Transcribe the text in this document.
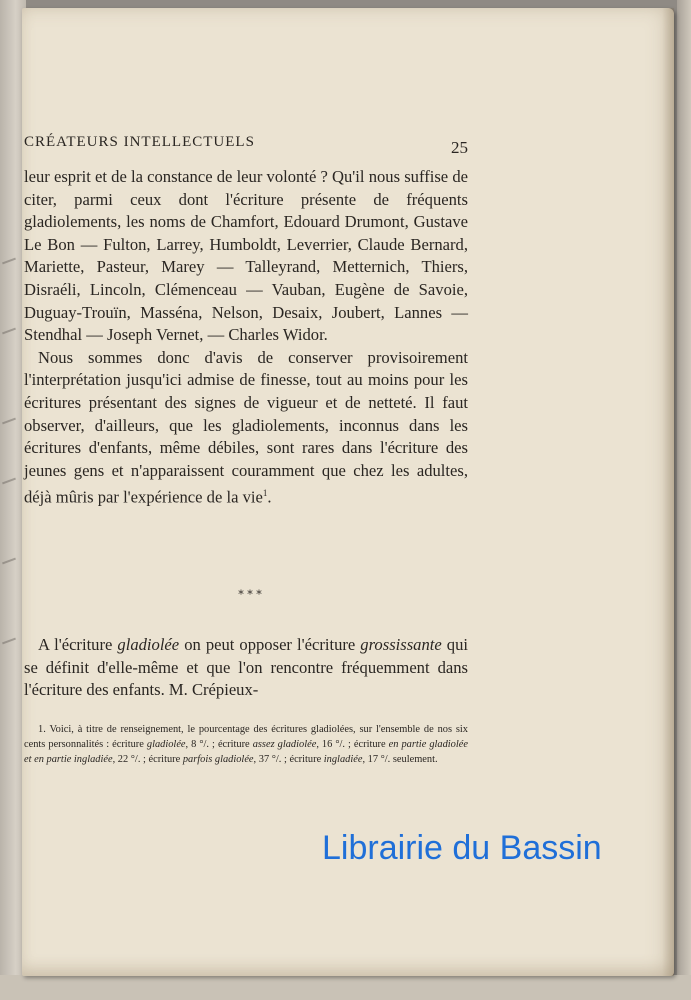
CRÉATEURS INTELLECTUELS	25

leur esprit et de la constance de leur volonté ? Qu'il nous suffise de citer, parmi ceux dont l'écriture présente de fréquents gladiolements, les noms de Chamfort, Edouard Drumont, Gustave Le Bon — Fulton, Larrey, Humboldt, Leverrier, Claude Bernard, Mariette, Pasteur, Marey — Talleyrand, Metternich, Thiers, Disraéli, Lincoln, Clémenceau — Vauban, Eugène de Savoie, Duguay-Trouïn, Masséna, Nelson, Desaix, Joubert, Lannes — Stendhal — Joseph Vernet, — Charles Widor.

Nous sommes donc d'avis de conserver provisoirement l'interprétation jusqu'ici admise de finesse, tout au moins pour les écritures présentant des signes de vigueur et de netteté. Il faut observer, d'ailleurs, que les gladiolements, inconnus dans les écritures d'enfants, même débiles, sont rares dans l'écriture des jeunes gens et n'apparaissent couramment que chez les adultes, déjà mûris par l'expérience de la vie$^1$.

* * *

A l'écriture gladiolée on peut opposer l'écriture grossissante qui se définit d'elle-même et que l'on rencontre fréquemment dans l'écriture des enfants. M. Crépieux-

1. Voici, à titre de renseignement, le pourcentage des écritures gladiolées, sur l'ensemble de nos six cents personnalités : écriture gladiolée, 8 °/. ; écriture assez gladiolée, 16 °/. ; écriture en partie gladiolée et en partie ingladiée, 22 °/. ; écriture parfois gladiolée, 37 °/. ; écriture ingladiée, 17 °/. seulement.

Librairie du Bassin
